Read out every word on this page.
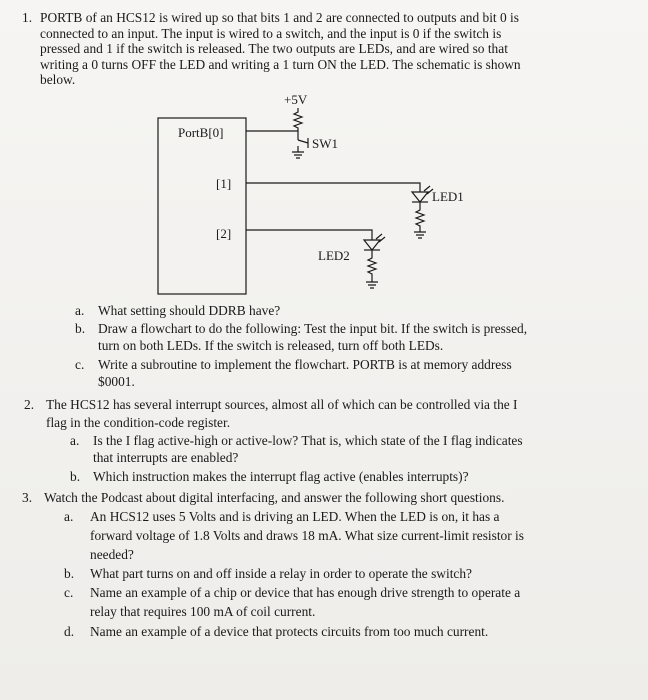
1. PORTB of an HCS12 is wired up so that bits 1 and 2 are connected to outputs and bit 0 is

connected to an input. The input is wired to a switch, and the input is 0 if the switch is

pressed and 1 if the switch is released. The two outputs are LEDs, and are wired so that

writing a 0 turns OFF the LED and writing a 1 turn ON the LED. The schematic is shown

below.

+5V
PortB[0]
[1]
[2]
SW1
LED1
LED2
a. What setting should DDRB have?
b. Draw a flowchart to do the following: Test the input bit. If the switch is pressed,
turn on both LEDs. If the switch is released, turn off both LEDs.
c. Write a subroutine to implement the flowchart. PORTB is at memory address
$0001.
2. The HCS12 has several interrupt sources, almost all of which can be controlled via the I
flag in the condition-code register.
a. Is the I flag active-high or active-low? That is, which state of the I flag indicates
that interrupts are enabled?
b. Which instruction makes the interrupt flag active (enables interrupts)?
3. Watch the Podcast about digital interfacing, and answer the following short questions.
a. An HCS12 uses 5 Volts and is driving an LED. When the LED is on, it has a
forward voltage of 1.8 Volts and draws 18 mA. What size current-limit resistor is
needed?
b. What part turns on and off inside a relay in order to operate the switch?
c. Name an example of a chip or device that has enough drive strength to operate a
relay that requires 100 mA of coil current.
d. Name an example of a device that protects circuits from too much current.
